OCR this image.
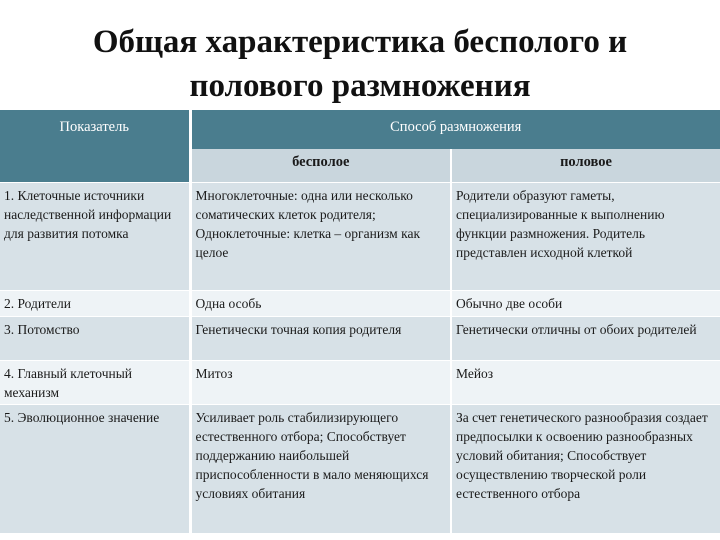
Общая характеристика бесполого и
полового размножения
Показатель	Способ размножения	
	бесполое	половое
1. Клеточные источники наследственной информации для развития потомка	Многоклеточные: одна или несколько соматических клеток родителя; Одноклеточные: клетка – организм как целое	Родители образуют гаметы, специализированные к выполнению функции размножения. Родитель представлен исходной клеткой
2. Родители	Одна особь	Обычно две особи
3. Потомство	Генетически точная копия родителя	Генетически отличны от обоих родителей
4. Главный клеточный механизм	Митоз	Мейоз
5. Эволюционное значение	Усиливает роль стабилизирующего естественного отбора; Способствует поддержанию наибольшей приспособленности в мало меняющихся условиях обитания	За счет генетического разнообразия создает предпосылки к освоению разнообразных условий обитания; Способствует осуществлению творческой роли естественного отбора
